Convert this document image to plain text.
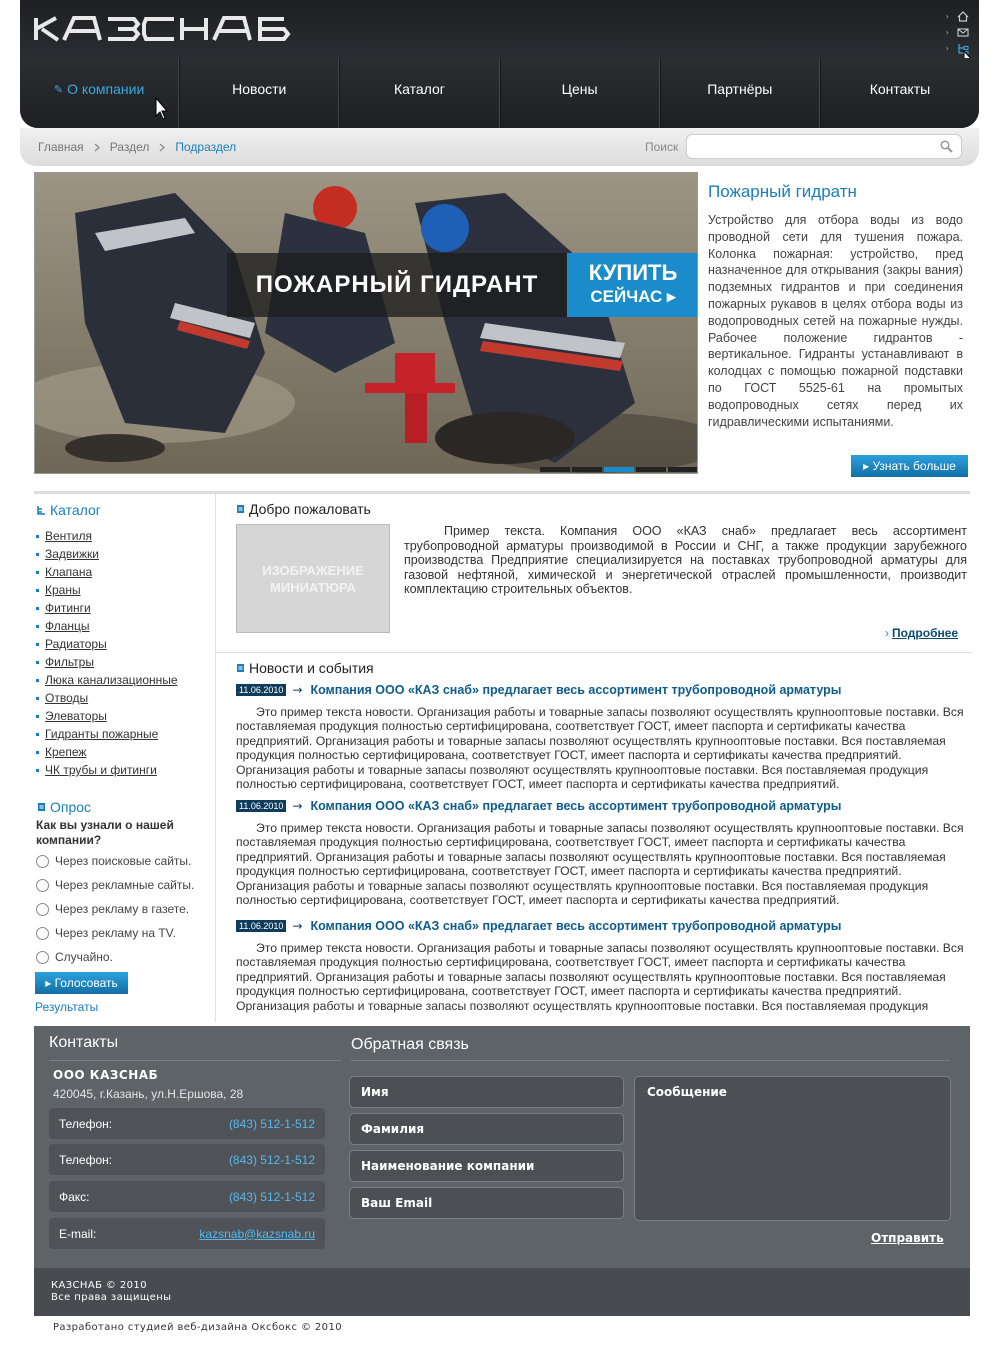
›
›
›
✎ О компании	Новости	Каталог	Цены	Партнёры	Контакты
Главная Раздел Подраздел	Поиск
ПОЖАРНЫЙ ГИДРАНТ	КУПИТЬ
СЕЙЧАС ▸
Пожарный гидратн
Устройство для отбора воды из водо проводной сети для тушения пожара. Колонка пожарная: устройство, пред назначенное для открывания (закры вания) подземных гидрантов и при соединения пожарных рукавов в целях отбора воды из водопроводных сетей на пожарные нужды. Рабочее положение гидрантов - вертикальное. Гидранты устанавливают в колодцах с помощью пожарной подставки по ГОСТ 5525-61 на промытых водопроводных сетях перед их гидравлическими испытаниями.
▸ Узнать больше
Каталог
Вентиля
Задвижки
Клапана
Краны
Фитинги
Фланцы
Радиаторы
Фильтры
Люка канализационные
Отводы
Элеваторы
Гидранты пожарные
Крепеж
ЧК трубы и фитинги
Опрос
Как вы узнали о нашей компании?
Через поисковые сайты.
Через рекламные сайты.
Через рекламу в газете.
Через рекламу на TV.
Случайно.
▸ Голосовать
Результаты
Добро пожаловать
ИЗОБРАЖЕНИЕ
МИНИАТЮРА
Пример текста. Компания ООО «КАЗ снаб» предлагает весь ассортимент трубопроводной арматуры производимой в России и СНГ, а также продукции зарубежного производства Предприятие специализируется на поставках трубопроводной арматуры для газовой нефтяной, химической и энергетической отраслей промышленности, производит комплектацию строительных объектов.
› Подробнее
Новости и события
11.06.2010 → Компания ООО «КАЗ снаб» предлагает весь ассортимент трубопроводной арматуры
Это пример текста новости. Организация работы и товарные запасы позволяют осуществлять крупнооптовые поставки. Вся поставляемая продукция полностью сертифицирована, соответствует ГОСТ, имеет паспорта и сертификаты качества предприятий. Организация работы и товарные запасы позволяют осуществлять крупнооптовые поставки. Вся поставляемая продукция полностью сертифицирована, соответствует ГОСТ, имеет паспорта и сертификаты качества предприятий. Организация работы и товарные запасы позволяют осуществлять крупнооптовые поставки. Вся поставляемая продукция полностью сертифицирована, соответствует ГОСТ, имеет паспорта и сертификаты качества предприятий.
11.06.2010 → Компания ООО «КАЗ снаб» предлагает весь ассортимент трубопроводной арматуры
Это пример текста новости. Организация работы и товарные запасы позволяют осуществлять крупнооптовые поставки. Вся поставляемая продукция полностью сертифицирована, соответствует ГОСТ, имеет паспорта и сертификаты качества предприятий. Организация работы и товарные запасы позволяют осуществлять крупнооптовые поставки. Вся поставляемая продукция полностью сертифицирована, соответствует ГОСТ, имеет паспорта и сертификаты качества предприятий. Организация работы и товарные запасы позволяют осуществлять крупнооптовые поставки. Вся поставляемая продукция полностью сертифицирована, соответствует ГОСТ, имеет паспорта и сертификаты качества предприятий.
11.06.2010 → Компания ООО «КАЗ снаб» предлагает весь ассортимент трубопроводной арматуры
Это пример текста новости. Организация работы и товарные запасы позволяют осуществлять крупнооптовые поставки. Вся поставляемая продукция полностью сертифицирована, соответствует ГОСТ, имеет паспорта и сертификаты качества предприятий. Организация работы и товарные запасы позволяют осуществлять крупнооптовые поставки. Вся поставляемая продукция полностью сертифицирована, соответствует ГОСТ, имеет паспорта и сертификаты качества предприятий. Организация работы и товарные запасы позволяют осуществлять крупнооптовые поставки. Вся поставляемая продукция
Контакты	Обратная связь
ООО КАЗСНАБ
420045, г.Казань, ул.Н.Ершова, 28
Телефон:	(843) 512-1-512
Телефон:	(843) 512-1-512
Факс:	(843) 512-1-512
E-mail:	kazsnab@kazsnab.ru
Имя
Фамилия
Наименование компании
Ваш Email
Сообщение
Отправить
КАЗСНАБ © 2010
Все права защищены
Разработано студией веб-дизайна Оксбокс © 2010
